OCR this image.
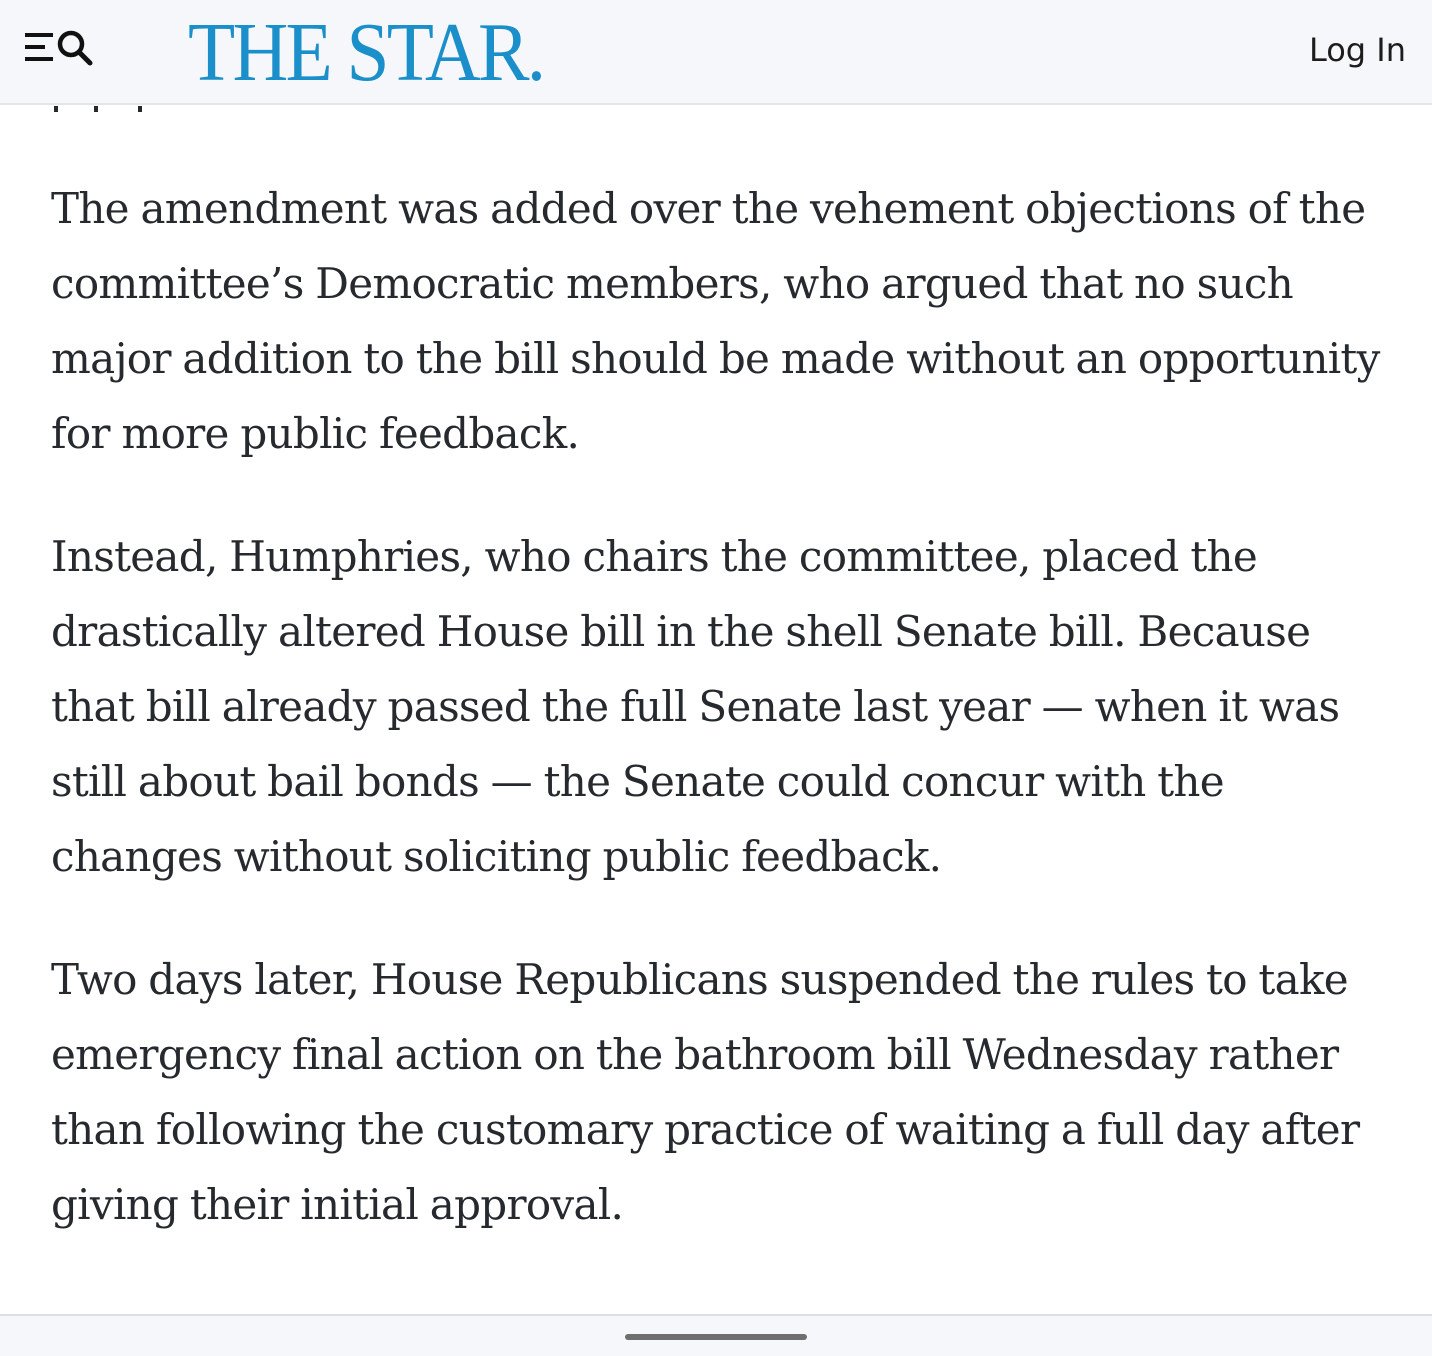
THE STAR.	Log In

The amendment was added over the vehement objections of the committee’s Democratic members, who argued that no such major addition to the bill should be made without an opportunity for more public feedback.

Instead, Humphries, who chairs the committee, placed the drastically altered House bill in the shell Senate bill. Because that bill already passed the full Senate last year — when it was still about bail bonds — the Senate could concur with the changes without soliciting public feedback.

Two days later, House Republicans suspended the rules to take emergency final action on the bathroom bill Wednesday rather than following the customary practice of waiting a full day after giving their initial approval.
